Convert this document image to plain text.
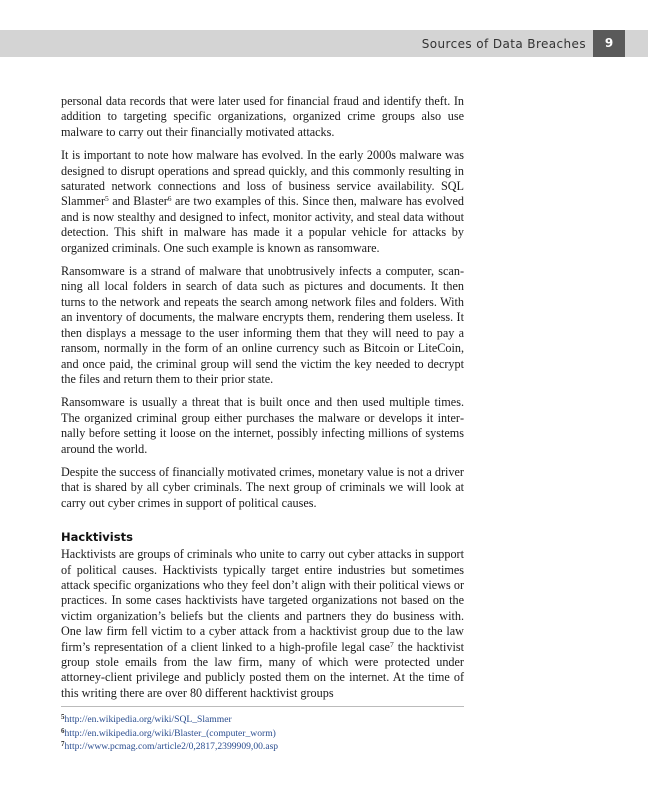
Sources of Data Breaches	9

personal data records that were later used for financial fraud and identify theft. In addition to targeting specific organizations, organized crime groups also use malware to carry out their financially motivated attacks.

It is important to note how malware has evolved. In the early 2000s malware was designed to disrupt operations and spread quickly, and this commonly resulting in saturated network connections and loss of business service availability. SQL Slammer$^5$ and Blaster$^6$ are two examples of this. Since then, malware has evolved and is now stealthy and designed to infect, monitor activity, and steal data without detection. This shift in malware has made it a popular vehicle for attacks by organized criminals. One such example is known as ransomware.

Ransomware is a strand of malware that unobtrusively infects a computer, scanning all local folders in search of data such as pictures and documents. It then turns to the network and repeats the search among network files and folders. With an inventory of documents, the malware encrypts them, rendering them useless. It then displays a message to the user informing them that they will need to pay a ransom, normally in the form of an online currency such as Bitcoin or LiteCoin, and once paid, the criminal group will send the victim the key needed to decrypt the files and return them to their prior state.

Ransomware is usually a threat that is built once and then used multiple times. The organized criminal group either purchases the malware or develops it internally before setting it loose on the internet, possibly infecting millions of systems around the world.

Despite the success of financially motivated crimes, monetary value is not a driver that is shared by all cyber criminals. The next group of criminals we will look at carry out cyber crimes in support of political causes.

Hacktivists

Hacktivists are groups of criminals who unite to carry out cyber attacks in support of political causes. Hacktivists typically target entire industries but sometimes attack specific organizations who they feel don’t align with their political views or practices. In some cases hacktivists have targeted organizations not based on the victim organization’s beliefs but the clients and partners they do business with. One law firm fell victim to a cyber attack from a hacktivist group due to the law firm’s representation of a client linked to a high-profile legal case$^7$ the hacktivist group stole emails from the law firm, many of which were protected under attorney-client privilege and publicly posted them on the internet. At the time of this writing there are over 80 different hacktivist groups

$^5$http://en.wikipedia.org/wiki/SQL_Slammer
$^6$http://en.wikipedia.org/wiki/Blaster_(computer_worm)
$^7$http://www.pcmag.com/article2/0,2817,2399909,00.asp
